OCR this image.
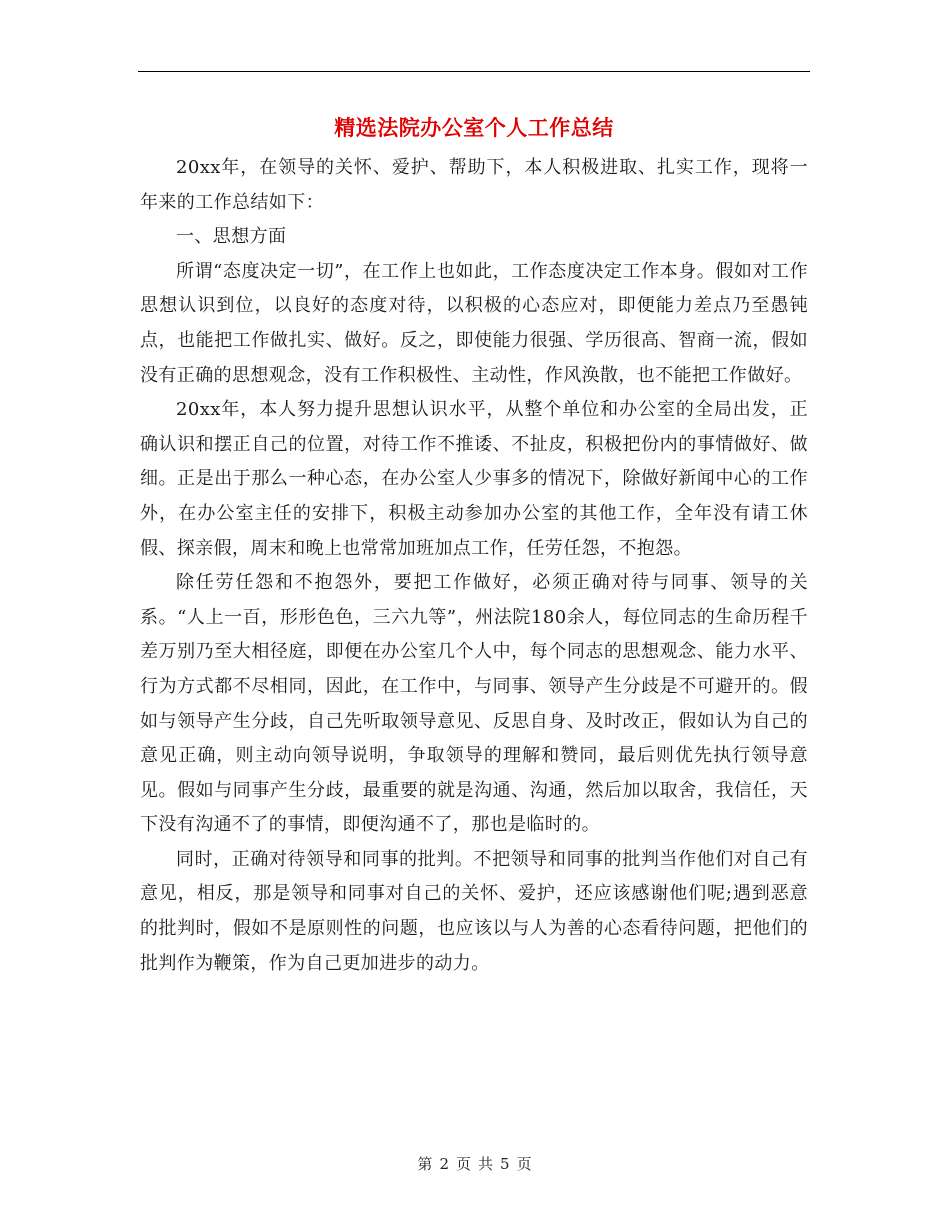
精选法院办公室个人工作总结

20xx年，在领导的关怀、爱护、帮助下，本人积极进取、扎实工作，现将一年来的工作总结如下：

一、思想方面

所谓“态度决定一切”，在工作上也如此，工作态度决定工作本身。假如对工作思想认识到位，以良好的态度对待，以积极的心态应对，即便能力差点乃至愚钝点，也能把工作做扎实、做好。反之，即使能力很强、学历很高、智商一流，假如没有正确的思想观念，没有工作积极性、主动性，作风涣散，也不能把工作做好。

20xx年，本人努力提升思想认识水平，从整个单位和办公室的全局出发，正确认识和摆正自己的位置，对待工作不推诿、不扯皮，积极把份内的事情做好、做细。正是出于那么一种心态，在办公室人少事多的情况下，除做好新闻中心的工作外，在办公室主任的安排下，积极主动参加办公室的其他工作，全年没有请工休假、探亲假，周末和晚上也常常加班加点工作，任劳任怨，不抱怨。

除任劳任怨和不抱怨外，要把工作做好，必须正确对待与同事、领导的关系。“人上一百，形形色色，三六九等”，州法院180余人，每位同志的生命历程千差万别乃至大相径庭，即便在办公室几个人中，每个同志的思想观念、能力水平、行为方式都不尽相同，因此，在工作中，与同事、领导产生分歧是不可避开的。假如与领导产生分歧，自己先听取领导意见、反思自身、及时改正，假如认为自己的意见正确，则主动向领导说明，争取领导的理解和赞同，最后则优先执行领导意见。假如与同事产生分歧，最重要的就是沟通、沟通，然后加以取舍，我信任，天下没有沟通不了的事情，即便沟通不了，那也是临时的。

同时，正确对待领导和同事的批判。不把领导和同事的批判当作他们对自己有意见，相反，那是领导和同事对自己的关怀、爱护，还应该感谢他们呢;遇到恶意的批判时，假如不是原则性的问题，也应该以与人为善的心态看待问题，把他们的批判作为鞭策，作为自己更加进步的动力。

第 2 页 共 5 页
